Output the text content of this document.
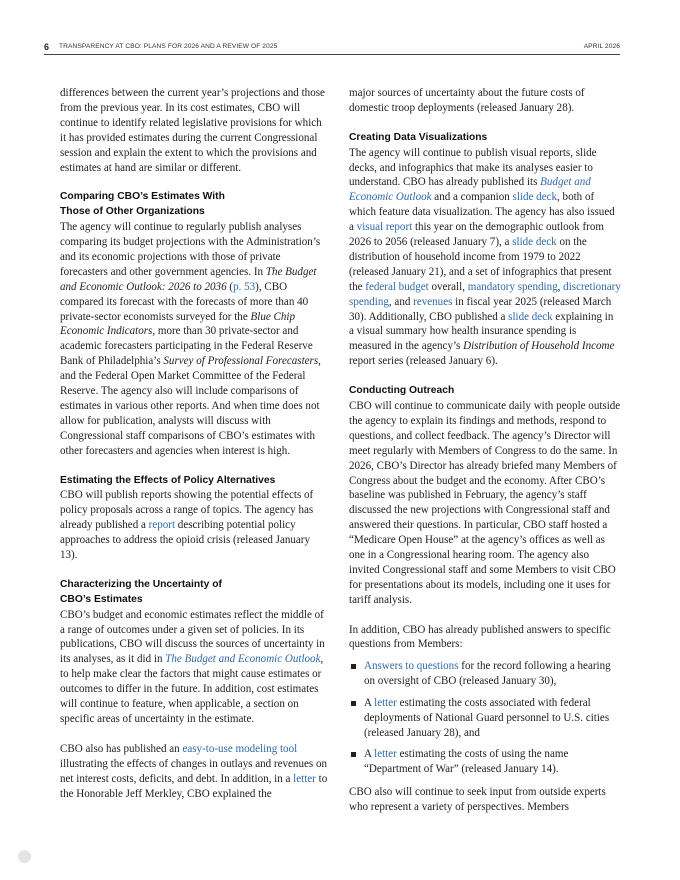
6 TRANSPARENCY AT CBO: PLANS FOR 2026 AND A REVIEW OF 2025	APRIL 2026

differences between the current year’s projections and those from the previous year. In its cost estimates, CBO will continue to identify related legislative provisions for which it has provided estimates during the current Congressional session and explain the extent to which the provisions and estimates at hand are similar or different.

Comparing CBO’s Estimates With
Those of Other Organizations

The agency will continue to regularly publish analyses comparing its budget projections with the Administration’s and its economic projections with those of private forecasters and other government agencies. In The Budget and Economic Outlook: 2026 to 2036 (p. 53), CBO compared its forecast with the forecasts of more than 40 private-sector economists surveyed for the Blue Chip Economic Indicators, more than 30 private-sector and academic forecasters participating in the Federal Reserve Bank of Philadelphia’s Survey of Professional Forecasters, and the Federal Open Market Committee of the Federal Reserve. The agency also will include comparisons of estimates in various other reports. And when time does not allow for publication, analysts will discuss with Congressional staff comparisons of CBO’s estimates with other forecasters and agencies when interest is high.

Estimating the Effects of Policy Alternatives

CBO will publish reports showing the potential effects of policy proposals across a range of topics. The agency has already published a report describing potential policy approaches to address the opioid crisis (released January 13).

Characterizing the Uncertainty of
CBO’s Estimates

CBO’s budget and economic estimates reflect the middle of a range of outcomes under a given set of policies. In its publications, CBO will discuss the sources of uncertainty in its analyses, as it did in The Budget and Economic Outlook, to help make clear the factors that might cause estimates or outcomes to differ in the future. In addition, cost estimates will continue to feature, when applicable, a section on specific areas of uncertainty in the estimate.

CBO also has published an easy-to-use modeling tool illustrating the effects of changes in outlays and revenues on net interest costs, deficits, and debt. In addition, in a letter to the Honorable Jeff Merkley, CBO explained the

major sources of uncertainty about the future costs of domestic troop deployments (released January 28).

Creating Data Visualizations

The agency will continue to publish visual reports, slide decks, and infographics that make its analyses easier to understand. CBO has already published its Budget and Economic Outlook and a companion slide deck, both of which feature data visualization. The agency has also issued a visual report this year on the demographic outlook from 2026 to 2056 (released January 7), a slide deck on the distribution of household income from 1979 to 2022 (released January 21), and a set of infographics that present the federal budget overall, mandatory spending, discretionary spending, and revenues in fiscal year 2025 (released March 30). Additionally, CBO published a slide deck explaining in a visual summary how health insurance spending is measured in the agency’s Distribution of Household Income report series (released January 6).

Conducting Outreach

CBO will continue to communicate daily with people outside the agency to explain its findings and methods, respond to questions, and collect feedback. The agency’s Director will meet regularly with Members of Congress to do the same. In 2026, CBO’s Director has already briefed many Members of Congress about the budget and the economy. After CBO’s baseline was published in February, the agency’s staff discussed the new projections with Congressional staff and answered their questions. In particular, CBO staff hosted a “Medicare Open House” at the agency’s offices as well as one in a Congressional hearing room. The agency also invited Congressional staff and some Members to visit CBO for presentations about its models, including one it uses for tariff analysis.

In addition, CBO has already published answers to specific questions from Members:

Answers to questions for the record following a hearing on oversight of CBO (released January 30),
A letter estimating the costs associated with federal deployments of National Guard personnel to U.S. cities (released January 28), and
A letter estimating the costs of using the name “Department of War” (released January 14).

CBO also will continue to seek input from outside experts who represent a variety of perspectives. Members
